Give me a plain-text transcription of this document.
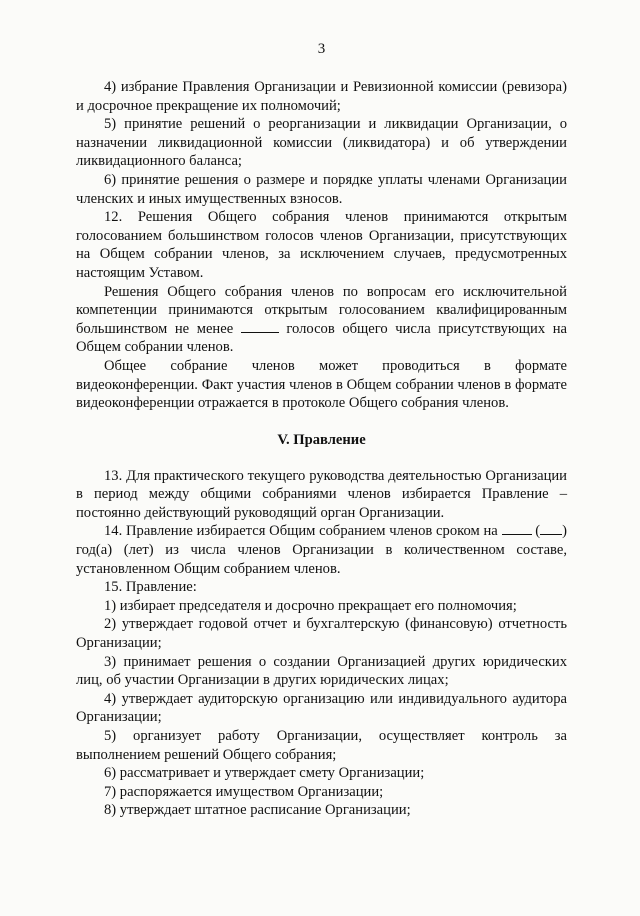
3

4) избрание Правления Организации и Ревизионной комиссии (ревизора) и досрочное прекращение их полномочий;

5) принятие решений о реорганизации и ликвидации Организации, о назначении ликвидационной комиссии (ликвидатора) и об утверждении ликвидационного баланса;

6) принятие решения о размере и порядке уплаты членами Организации членских и иных имущественных взносов.

12. Решения Общего собрания членов принимаются открытым голосованием большинством голосов членов Организации, присутствующих на Общем собрании членов, за исключением случаев, предусмотренных настоящим Уставом.

Решения Общего собрания членов по вопросам его исключительной компетенции принимаются открытым голосованием квалифицированным большинством не менее	голосов общего числа присутствующих на Общем собрании членов.

Общее собрание членов может проводиться в формате видеоконференции. Факт участия членов в Общем собрании членов в формате видеоконференции отражается в протоколе Общего собрания членов.

V. Правление

13. Для практического текущего руководства деятельностью Организации в период между общими собраниями членов избирается Правление – постоянно действующий руководящий орган Организации.

14. Правление избирается Общим собранием членов сроком на  ( ) год(а) (лет) из числа членов Организации в количественном составе, установленном Общим собранием членов.

15. Правление:

1) избирает председателя и досрочно прекращает его полномочия;

2) утверждает годовой отчет и бухгалтерскую (финансовую) отчетность Организации;

3) принимает решения о создании Организацией других юридических лиц, об участии Организации в других юридических лицах;

4) утверждает аудиторскую организацию или индивидуального аудитора Организации;

5) организует работу Организации, осуществляет контроль за выполнением решений Общего собрания;

6) рассматривает и утверждает смету Организации;

7) распоряжается имуществом Организации;

8) утверждает штатное расписание Организации;
